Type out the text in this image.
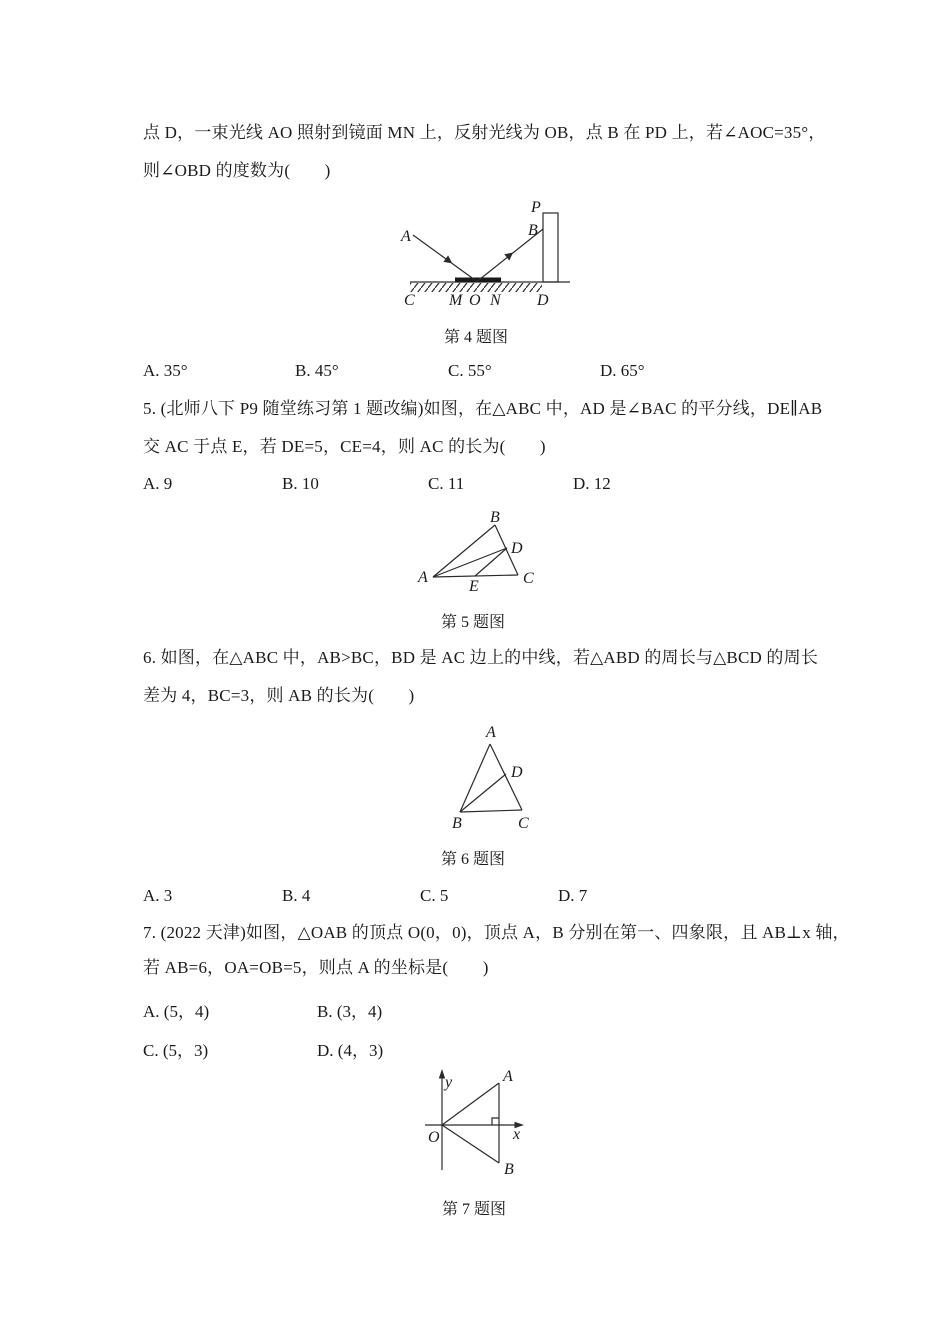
点 D，一束光线 AO 照射到镜面 MN 上，反射光线为 OB，点 B 在 PD 上，若∠AOC=35°，
则∠OBD 的度数为(　　)
A
P
B
C M O N D
第 4 题图
A. 35°	B. 45°	C. 55°	D. 65°
5. (北师八下 P9 随堂练习第 1 题改编)如图，在△ABC 中，AD 是∠BAC 的平分线，DE∥AB
交 AC 于点 E，若 DE=5，CE=4，则 AC 的长为(　　)
A. 9	B. 10	C. 11	D. 12
A
B
C
D
E
第 5 题图
6. 如图，在△ABC 中，AB>BC，BD 是 AC 边上的中线，若△ABD 的周长与△BCD 的周长
差为 4，BC=3，则 AB 的长为(　　)
A
B	C
D
第 6 题图
A. 3	B. 4	C. 5	D. 7
7. (2022 天津)如图，△OAB 的顶点 O(0，0)，顶点 A，B 分别在第一、四象限，且 AB⊥x 轴，
若 AB=6，OA=OB=5，则点 A 的坐标是(　　)
A. (5，4)	B. (3，4)
C. (5，3)	D. (4，3)
y
x
O
A
B
第 7 题图
